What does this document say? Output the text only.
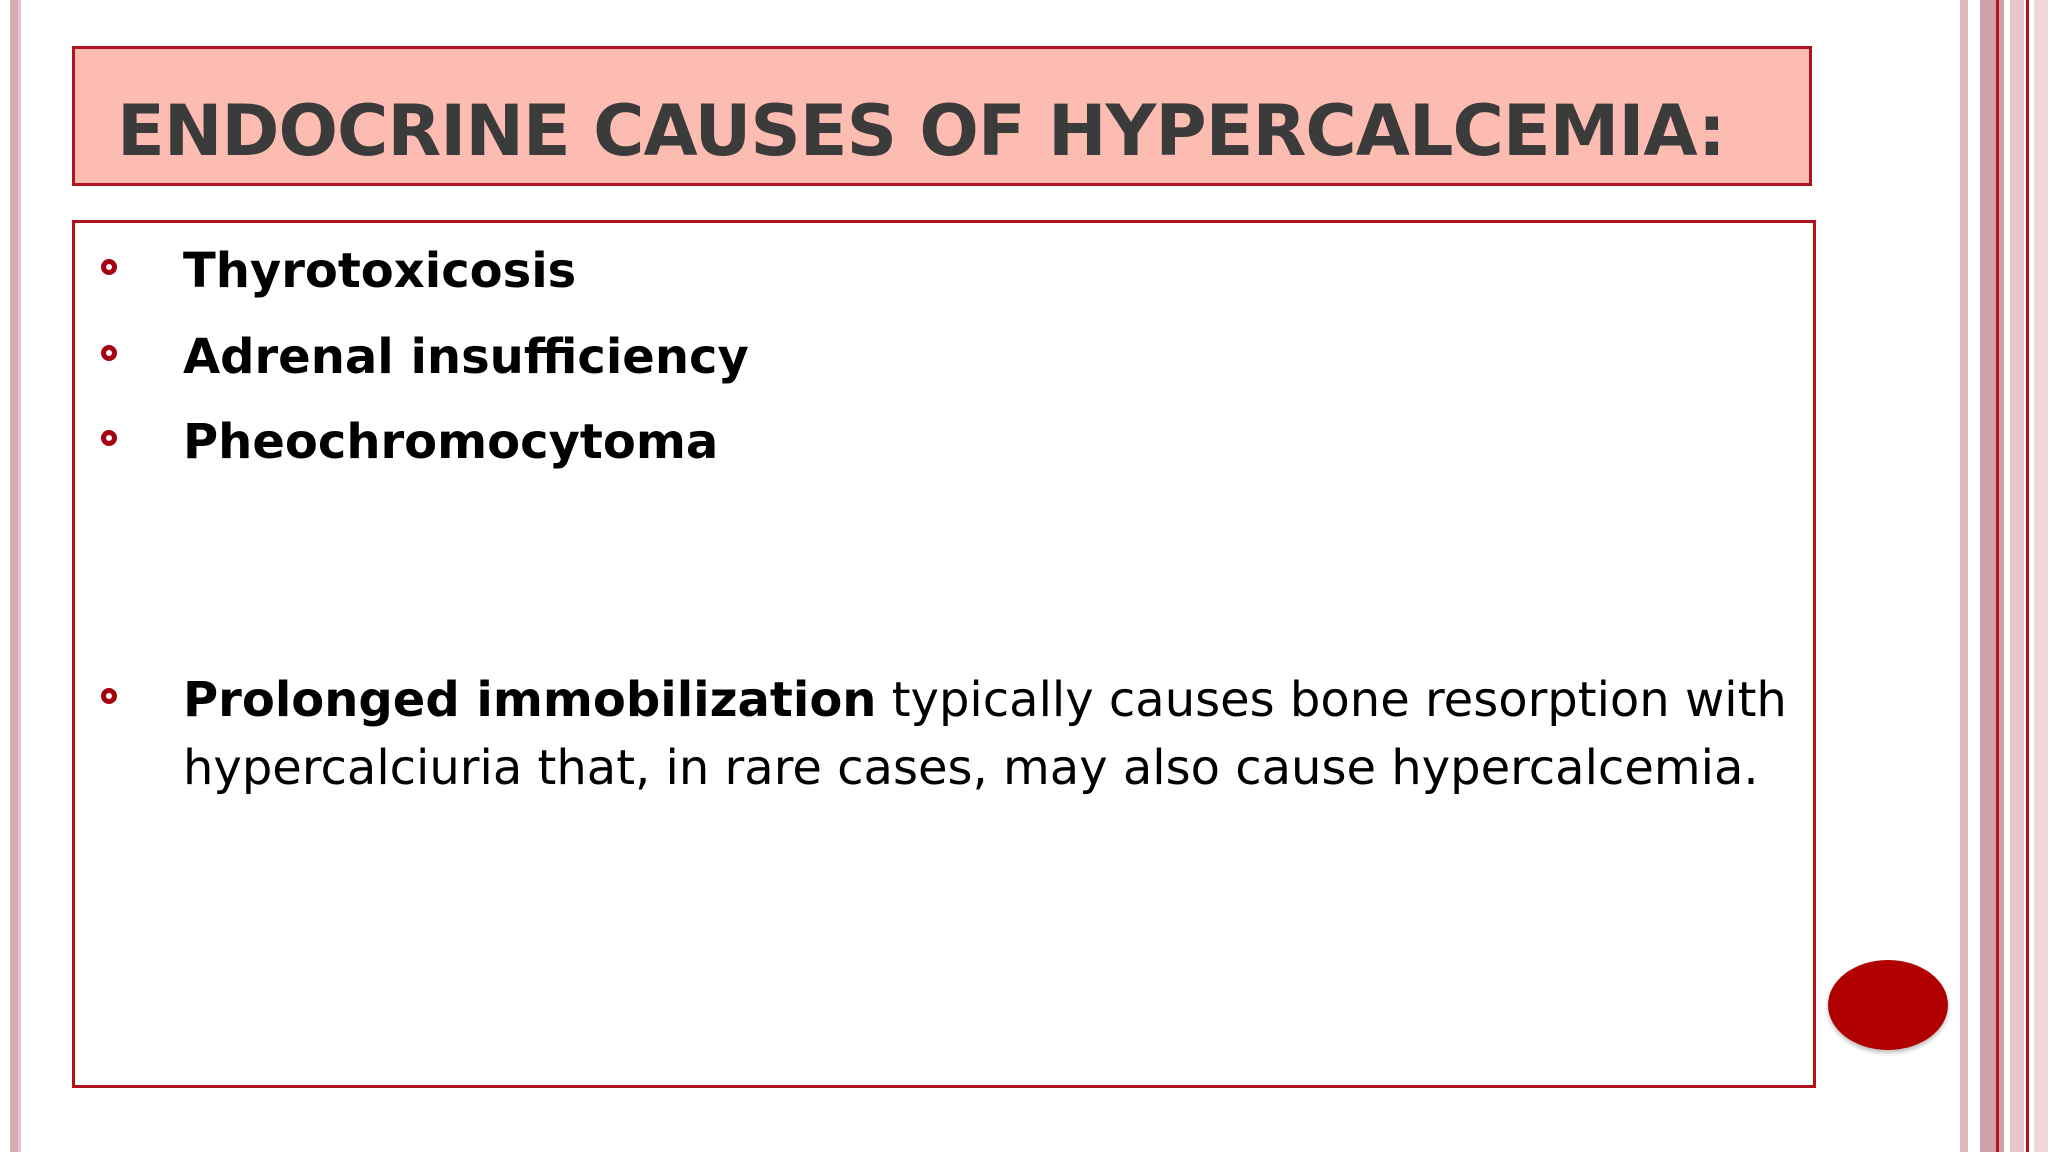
ENDOCRINE CAUSES OF HYPERCALCEMIA:
Thyrotoxicosis
Adrenal insufficiency
Pheochromocytoma
Prolonged immobilization typically causes bone resorption with
hypercalciuria that, in rare cases, may also cause hypercalcemia.
